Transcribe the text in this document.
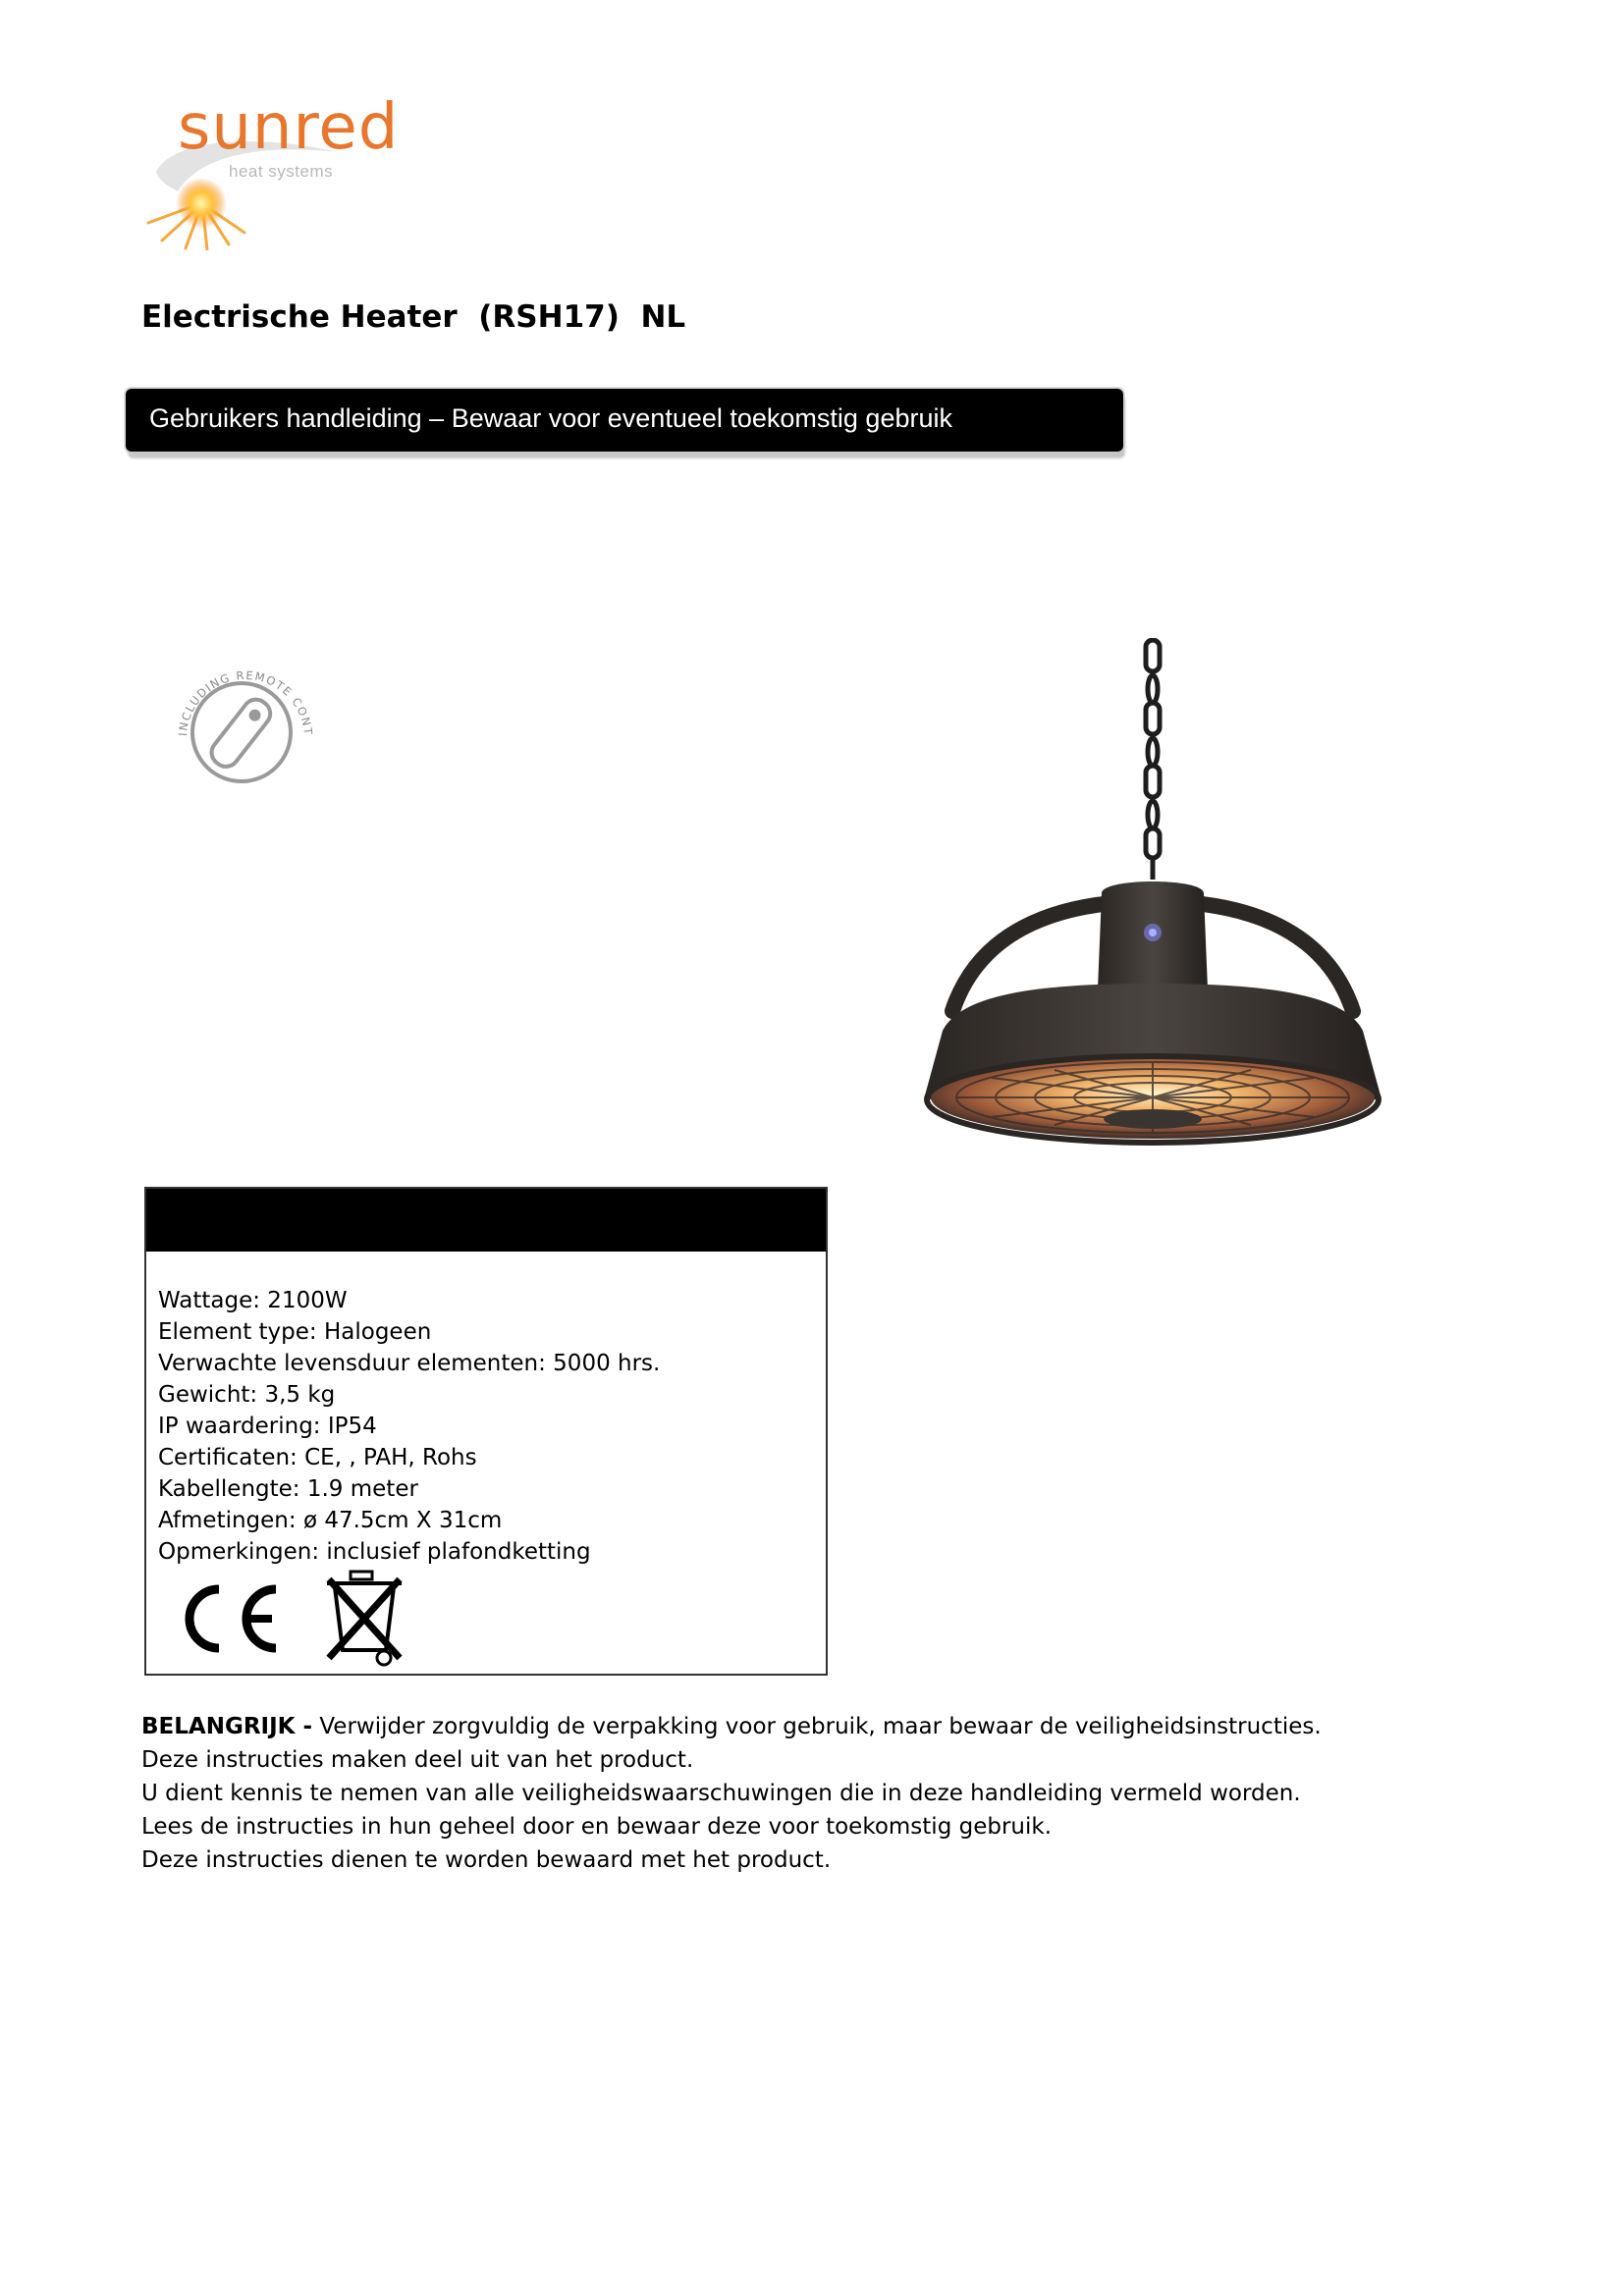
sunred
heat systems
Electrische Heater  (RSH17)  NL
Gebruikers handleiding – Bewaar voor eventueel toekomstig gebruik
INCLUDING REMOTE CONT
Wattage: 2100W
Element type: Halogeen
Verwachte levensduur elementen: 5000 hrs.
Gewicht: 3,5 kg
IP waardering: IP54
Certificaten: CE, , PAH, Rohs
Kabellengte: 1.9 meter
Afmetingen: ø 47.5cm X 31cm
Opmerkingen: inclusief plafondketting

BELANGRIJK - Verwijder zorgvuldig de verpakking voor gebruik, maar bewaar de veiligheidsinstructies.

Deze instructies maken deel uit van het product.

U dient kennis te nemen van alle veiligheidswaarschuwingen die in deze handleiding vermeld worden.

Lees de instructies in hun geheel door en bewaar deze voor toekomstig gebruik.

Deze instructies dienen te worden bewaard met het product.
